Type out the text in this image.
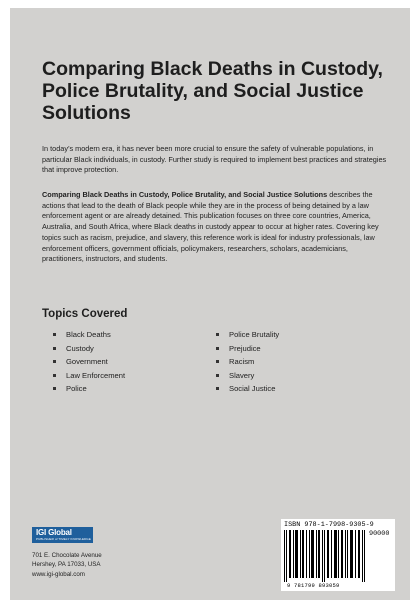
Comparing Black Deaths in Custody, Police Brutality, and Social Justice Solutions

In today’s modern era, it has never been more crucial to ensure the safety of vulnerable populations, in particular Black individuals, in custody. Further study is required to implement best practices and strategies that improve protection.

Comparing Black Deaths in Custody, Police Brutality, and Social Justice Solutions describes the actions that lead to the death of Black people while they are in the process of being detained by a law enforcement agent or are already detained. This publication focuses on three core countries, America, Australia, and South Africa, where Black deaths in custody appear to occur at higher rates. Covering key topics such as racism, prejudice, and slavery, this reference work is ideal for industry professionals, law enforcement officers, government officials, policymakers, researchers, scholars, academicians, practitioners, instructors, and students.

Topics Covered
Black Deaths
Custody
Government
Law Enforcement
Police
Police Brutality
Prejudice
Racism
Slavery
Social Justice
IGI Global
PUBLISHER of TIMELY KNOWLEDGE
701 E. Chocolate Avenue
Hershey, PA 17033, USA
www.igi-global.com
ISBN 978-1-7998-9305-9
90000
9 781799 893059
